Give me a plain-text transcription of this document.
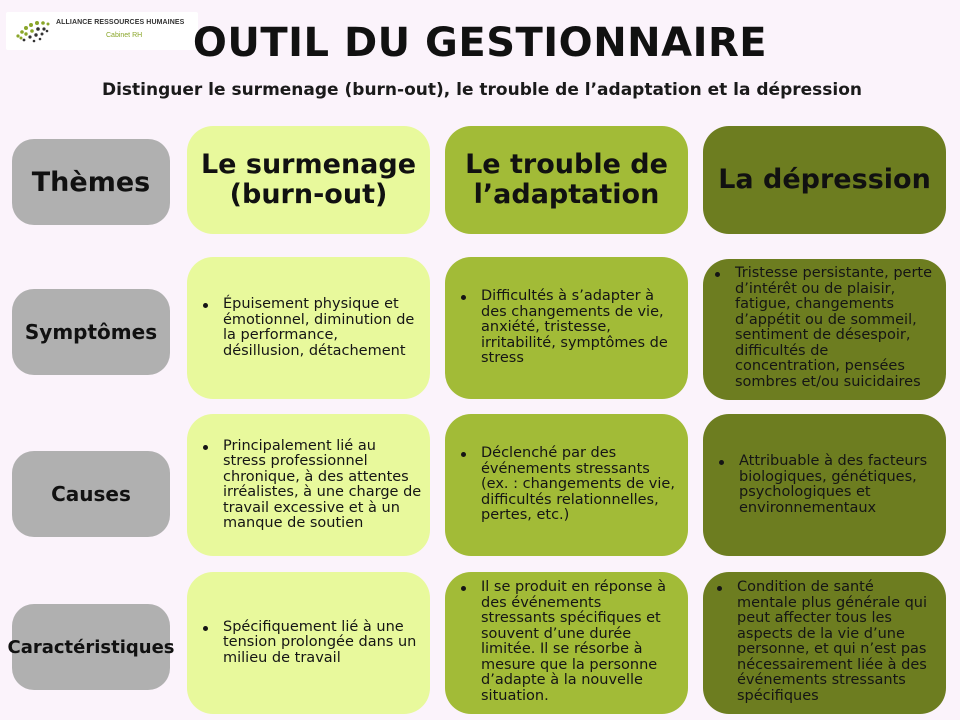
ALLIANCE RESSOURCES HUMAINES
Cabinet RH	OUTIL DU GESTIONNAIRE
Distinguer le surmenage (burn-out), le trouble de l’adaptation et la dépression
Thèmes
Le surmenage
(burn-out)
Le trouble de
l’adaptation	La dépression
Symptômes
Épuisement physique et émotionnel, diminution de la performance, désillusion, détachement
Difficultés à s’adapter à des changements de vie, anxiété, tristesse, irritabilité, symptômes de stress
Tristesse persistante, perte d’intérêt ou de plaisir, fatigue, changements d’appétit ou de sommeil, sentiment de désespoir, difficultés de concentration, pensées sombres et/ou suicidaires
Causes
Principalement lié au stress professionnel chronique, à des attentes irréalistes, à une charge de travail excessive et à un manque de soutien
Déclenché par des événements stressants (ex. : changements de vie, difficultés relationnelles, pertes, etc.)
Attribuable à des facteurs biologiques, génétiques, psychologiques et environnementaux
Caractéristiques
Spécifiquement lié à une tension prolongée dans un milieu de travail
Il se produit en réponse à des événements stressants spécifiques et souvent d’une durée limitée. Il se résorbe à mesure que la personne d’adapte à la nouvelle situation.
Condition de santé mentale plus générale qui peut affecter tous les aspects de la vie d’une personne, et qui n’est pas nécessairement liée à des événements stressants spécifiques
